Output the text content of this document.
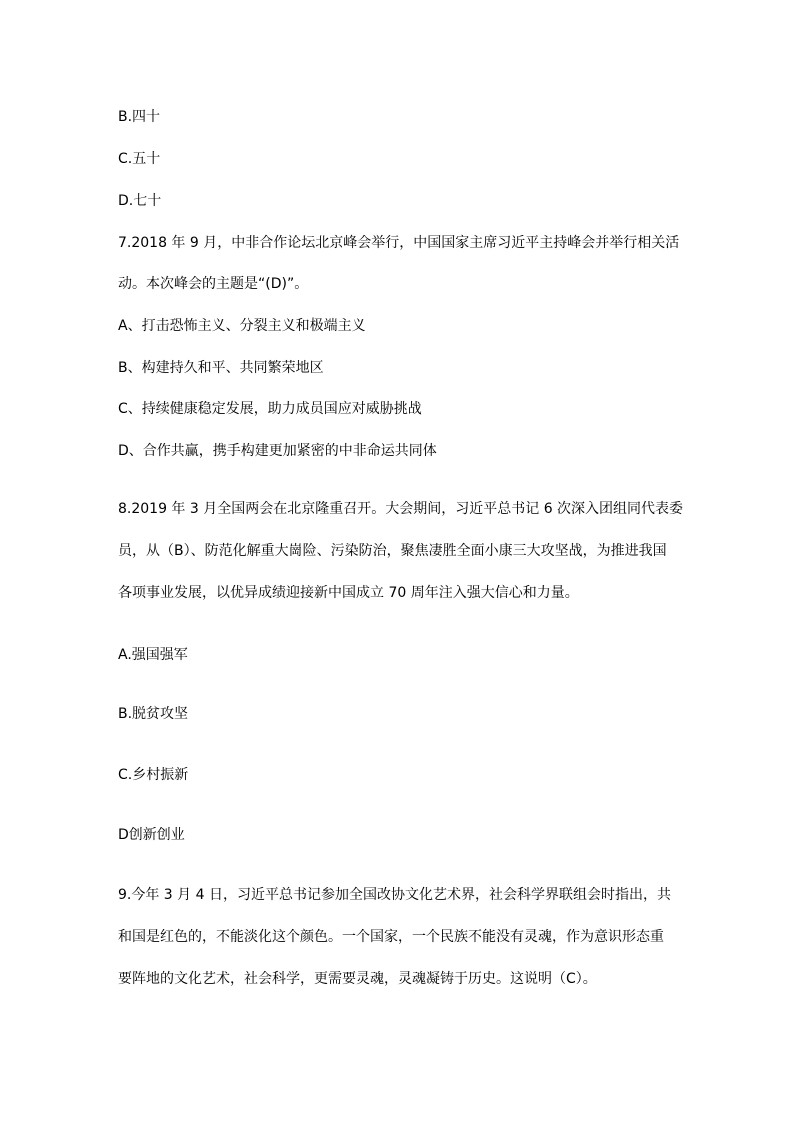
B.四十
C.五十
D.七十
7.2018 年 9 月，中非合作论坛北京峰会举行，中国国家主席习近平主持峰会并举行相关活
动。本次峰会的主题是“(D)”。
A、打击恐怖主义、分裂主义和极端主义
B、构建持久和平、共同繁荣地区
C、持续健康稳定发展，助力成员国应对威胁挑战
D、合作共赢，携手构建更加紧密的中非命运共同体
8.2019 年 3 月全国两会在北京隆重召开。大会期间，习近平总书记 6 次深入团组同代表委
员，从（B）、防范化解重大崗险、污染防治，聚焦凄胜全面小康三大攻坚战，为推进我国
各项事业发展，以优异成绩迎接新中国成立 70 周年注入强大信心和力量。
A.强国强军
B.脱贫攻坚
C.乡村振新
D创新创业
9.今年 3 月 4 日，习近平总书记参加全国改协文化艺术界，社会科学界联组会时指出，共
和国是红色的，不能淡化这个颜色。一个国家，一个民族不能没有灵魂，作为意识形态重
要阵地的文化艺术，社会科学，更需要灵魂，灵魂凝铸于历史。这说明（C）。
